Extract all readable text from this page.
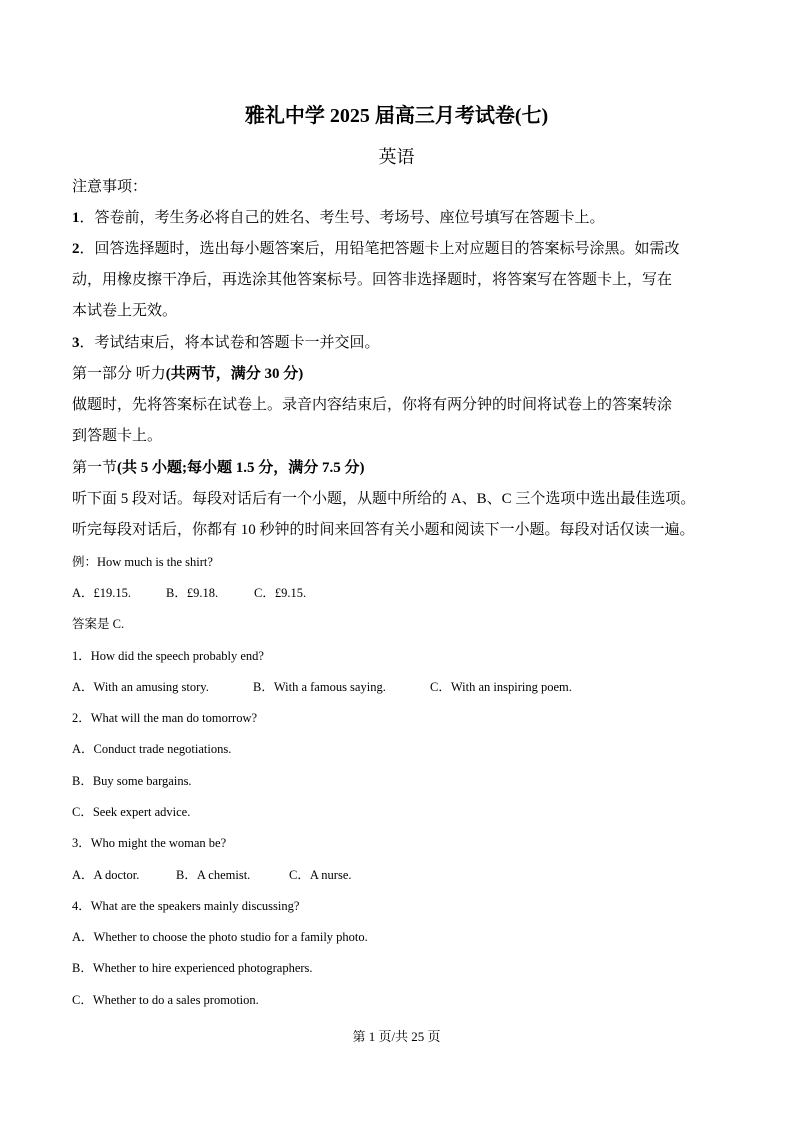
雅礼中学 2025 届高三月考试卷(七)
英语
注意事项：
1．答卷前，考生务必将自己的姓名、考生号、考场号、座位号填写在答题卡上。
2．回答选择题时，选出每小题答案后，用铅笔把答题卡上对应题目的答案标号涂黑。如需改
动，用橡皮擦干净后，再选涂其他答案标号。回答非选择题时，将答案写在答题卡上，写在
本试卷上无效。
3．考试结束后，将本试卷和答题卡一并交回。
第一部分 听力(共两节，满分 30 分)
做题时，先将答案标在试卷上。录音内容结束后，你将有两分钟的时间将试卷上的答案转涂
到答题卡上。
第一节(共 5 小题;每小题 1.5 分，满分 7.5 分)
听下面 5 段对话。每段对话后有一个小题，从题中所给的 A、B、C 三个选项中选出最佳选项。
听完每段对话后，你都有 10 秒钟的时间来回答有关小题和阅读下一小题。每段对话仅读一遍。
例：How much is the shirt?
A．£19.15.	B．£9.18.	C．£9.15.
答案是 C.
1．How did the speech probably end?
A．With an amusing story.	B．With a famous saying.	C．With an inspiring poem.
2．What will the man do tomorrow?
A．Conduct trade negotiations.
B．Buy some bargains.
C．Seek expert advice.
3．Who might the woman be?
A．A doctor.	B．A chemist.	C．A nurse.
4．What are the speakers mainly discussing?
A．Whether to choose the photo studio for a family photo.
B．Whether to hire experienced photographers.
C．Whether to do a sales promotion.
第 1 页/共 25 页
